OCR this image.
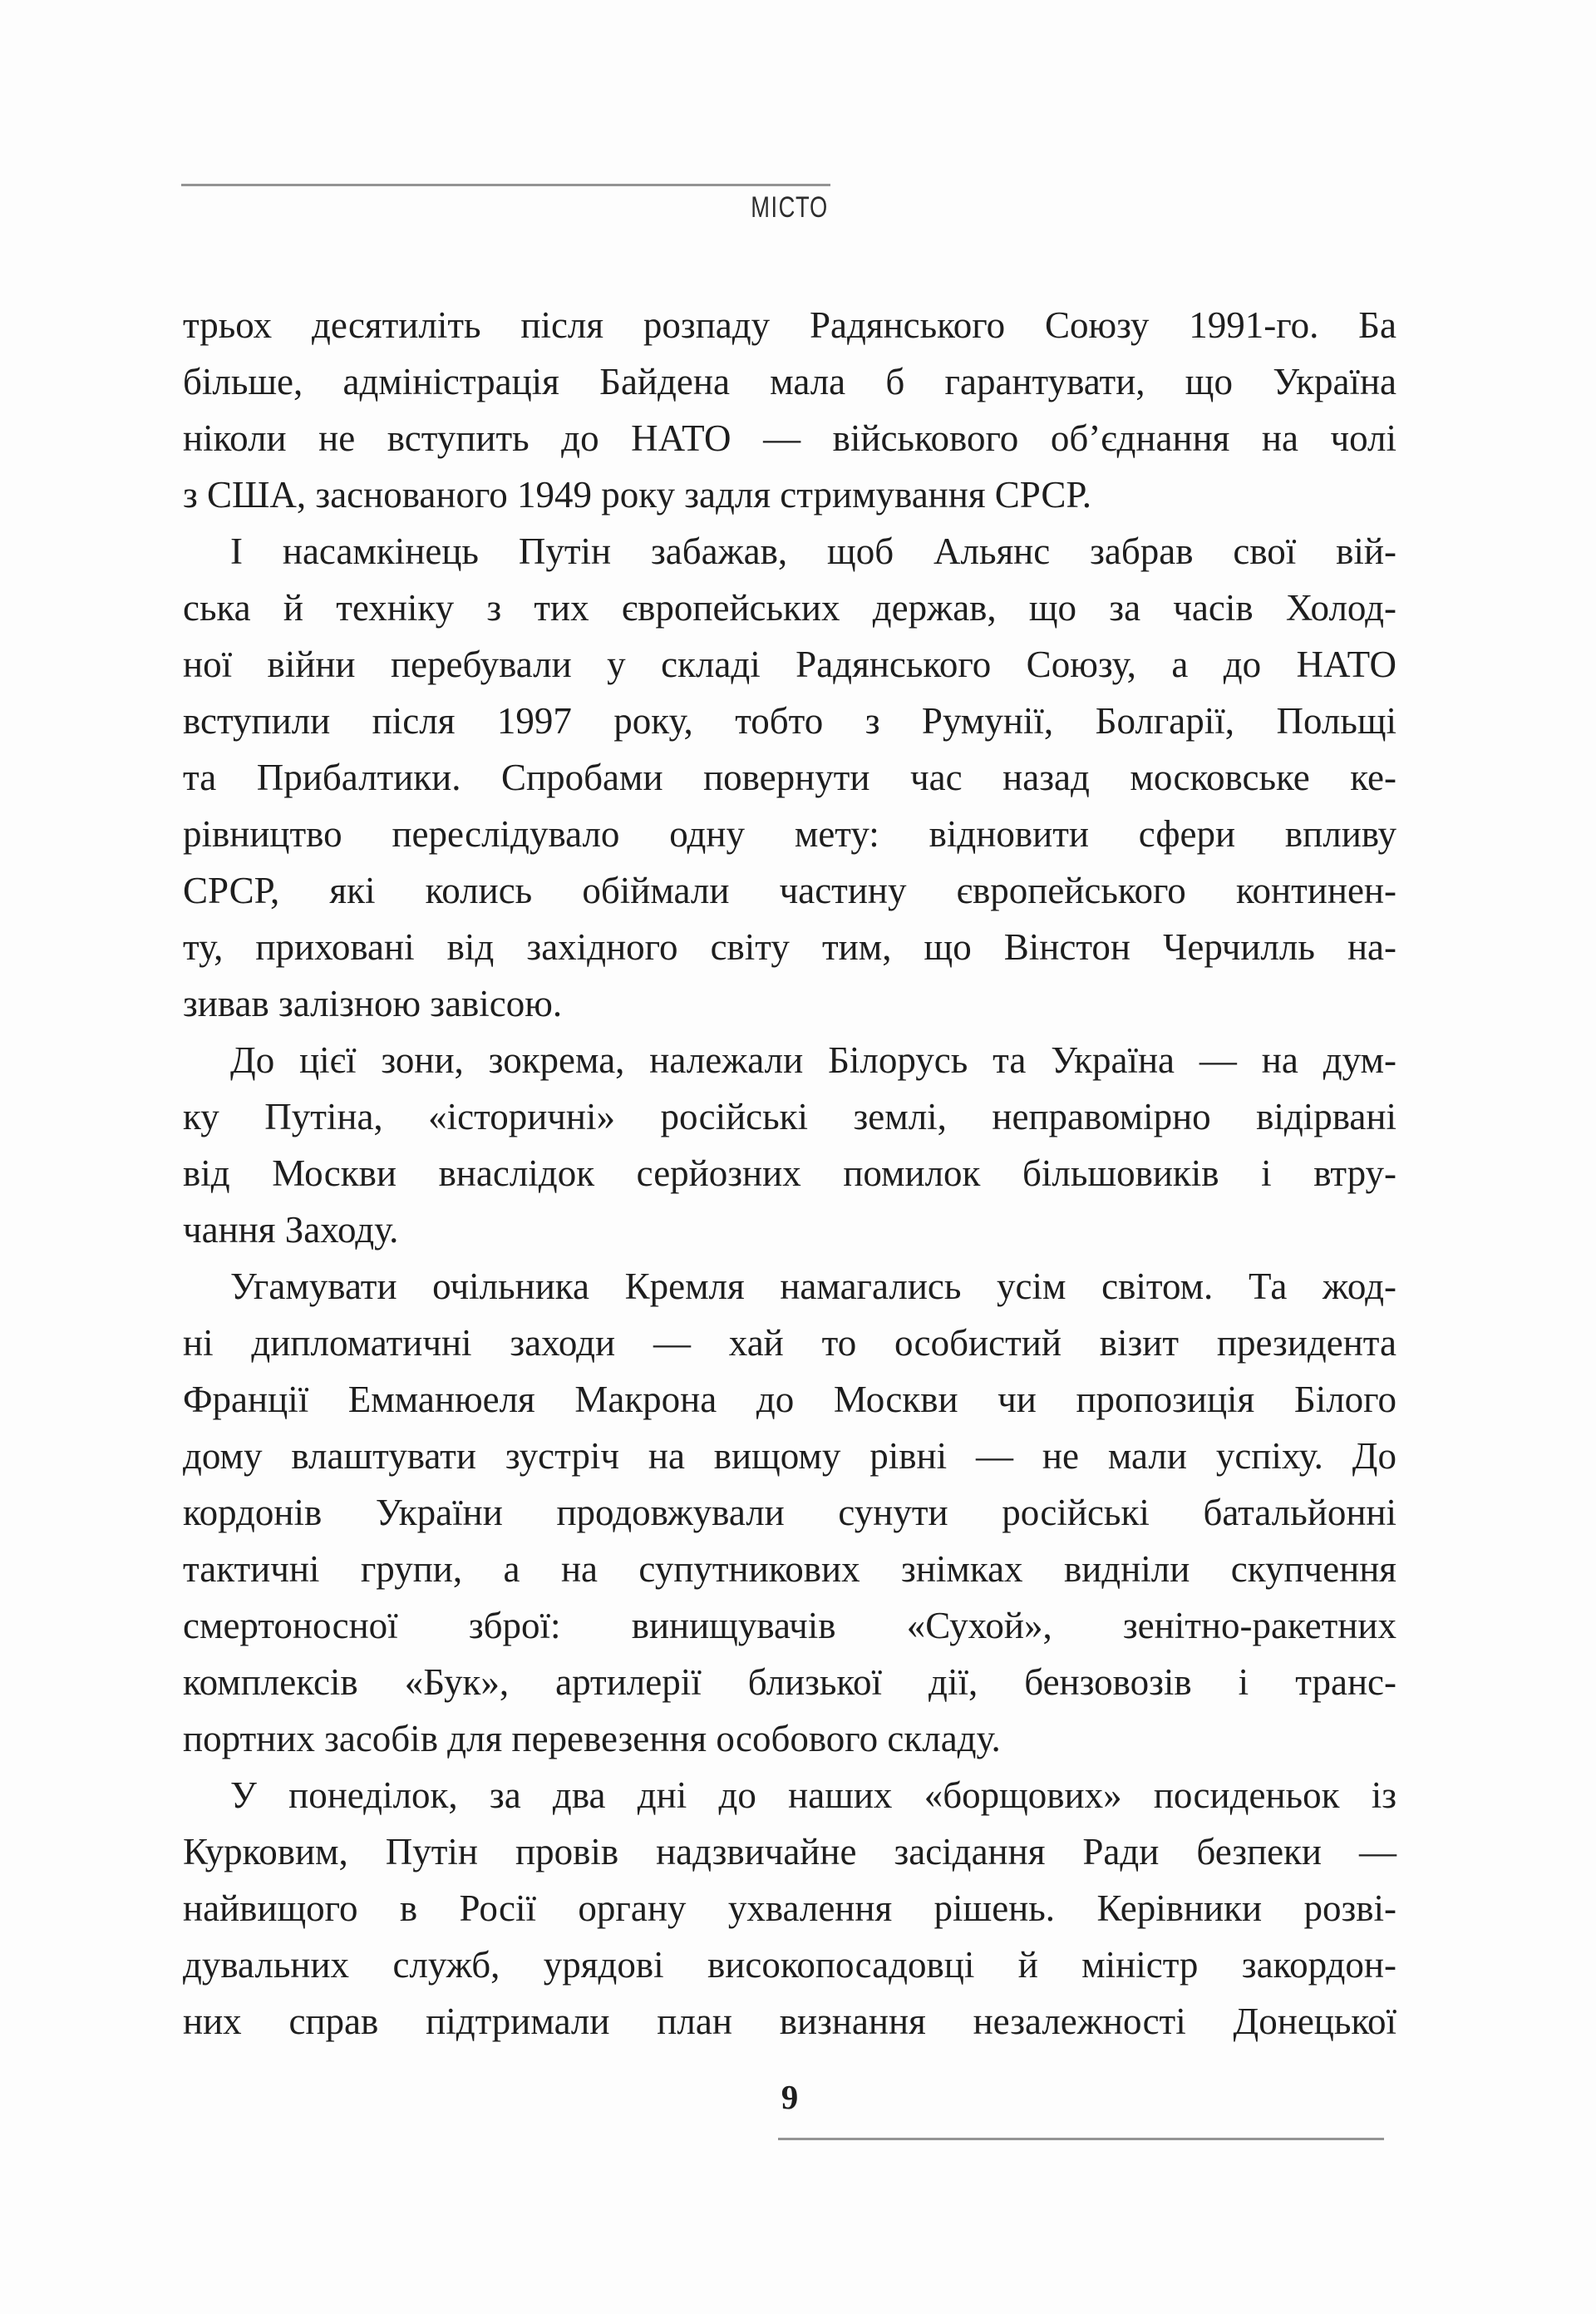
МІСТО
трьох десятиліть після розпаду Радянського Союзу 1991-го. Ба
більше, адміністрація Байдена мала б гарантувати, що Україна
ніколи не вступить до НАТО — військового об’єднання на чолі
з США, заснованого 1949 року задля стримування СРСР.
І насамкінець Путін забажав, щоб Альянс забрав свої вій-
ська й техніку з тих європейських держав, що за часів Холод-
ної війни перебували у складі Радянського Союзу, а до НАТО
вступили після 1997 року, тобто з Румунії, Болгарії, Польщі
та Прибалтики. Спробами повернути час назад московське ке-
рівництво переслідувало одну мету: відновити сфери впливу
СРСР, які колись обіймали частину європейського континен-
ту, приховані від західного світу тим, що Вінстон Черчилль на-
зивав залізною завісою.
До цієї зони, зокрема, належали Білорусь та Україна — на дум-
ку Путіна, «історичні» російські землі, неправомірно відірвані
від Москви внаслідок серйозних помилок більшовиків і втру-
чання Заходу.
Угамувати очільника Кремля намагались усім світом. Та жод-
ні дипломатичні заходи — хай то особистий візит президента
Франції Емманюеля Макрона до Москви чи пропозиція Білого
дому влаштувати зустріч на вищому рівні — не мали успіху. До
кордонів України продовжували сунути російські батальйонні
тактичні групи, а на супутникових знімках видніли скупчення
смертоносної зброї: винищувачів «Сухой», зенітно-ракетних
комплексів «Бук», артилерії близької дії, бензовозів і транс-
портних засобів для перевезення особового складу.
У понеділок, за два дні до наших «борщових» посиденьок із
Курковим, Путін провів надзвичайне засідання Ради безпеки —
найвищого в Росії органу ухвалення рішень. Керівники розві-
дувальних служб, урядові високопосадовці й міністр закордон-
них справ підтримали план визнання незалежності Донецької
9
